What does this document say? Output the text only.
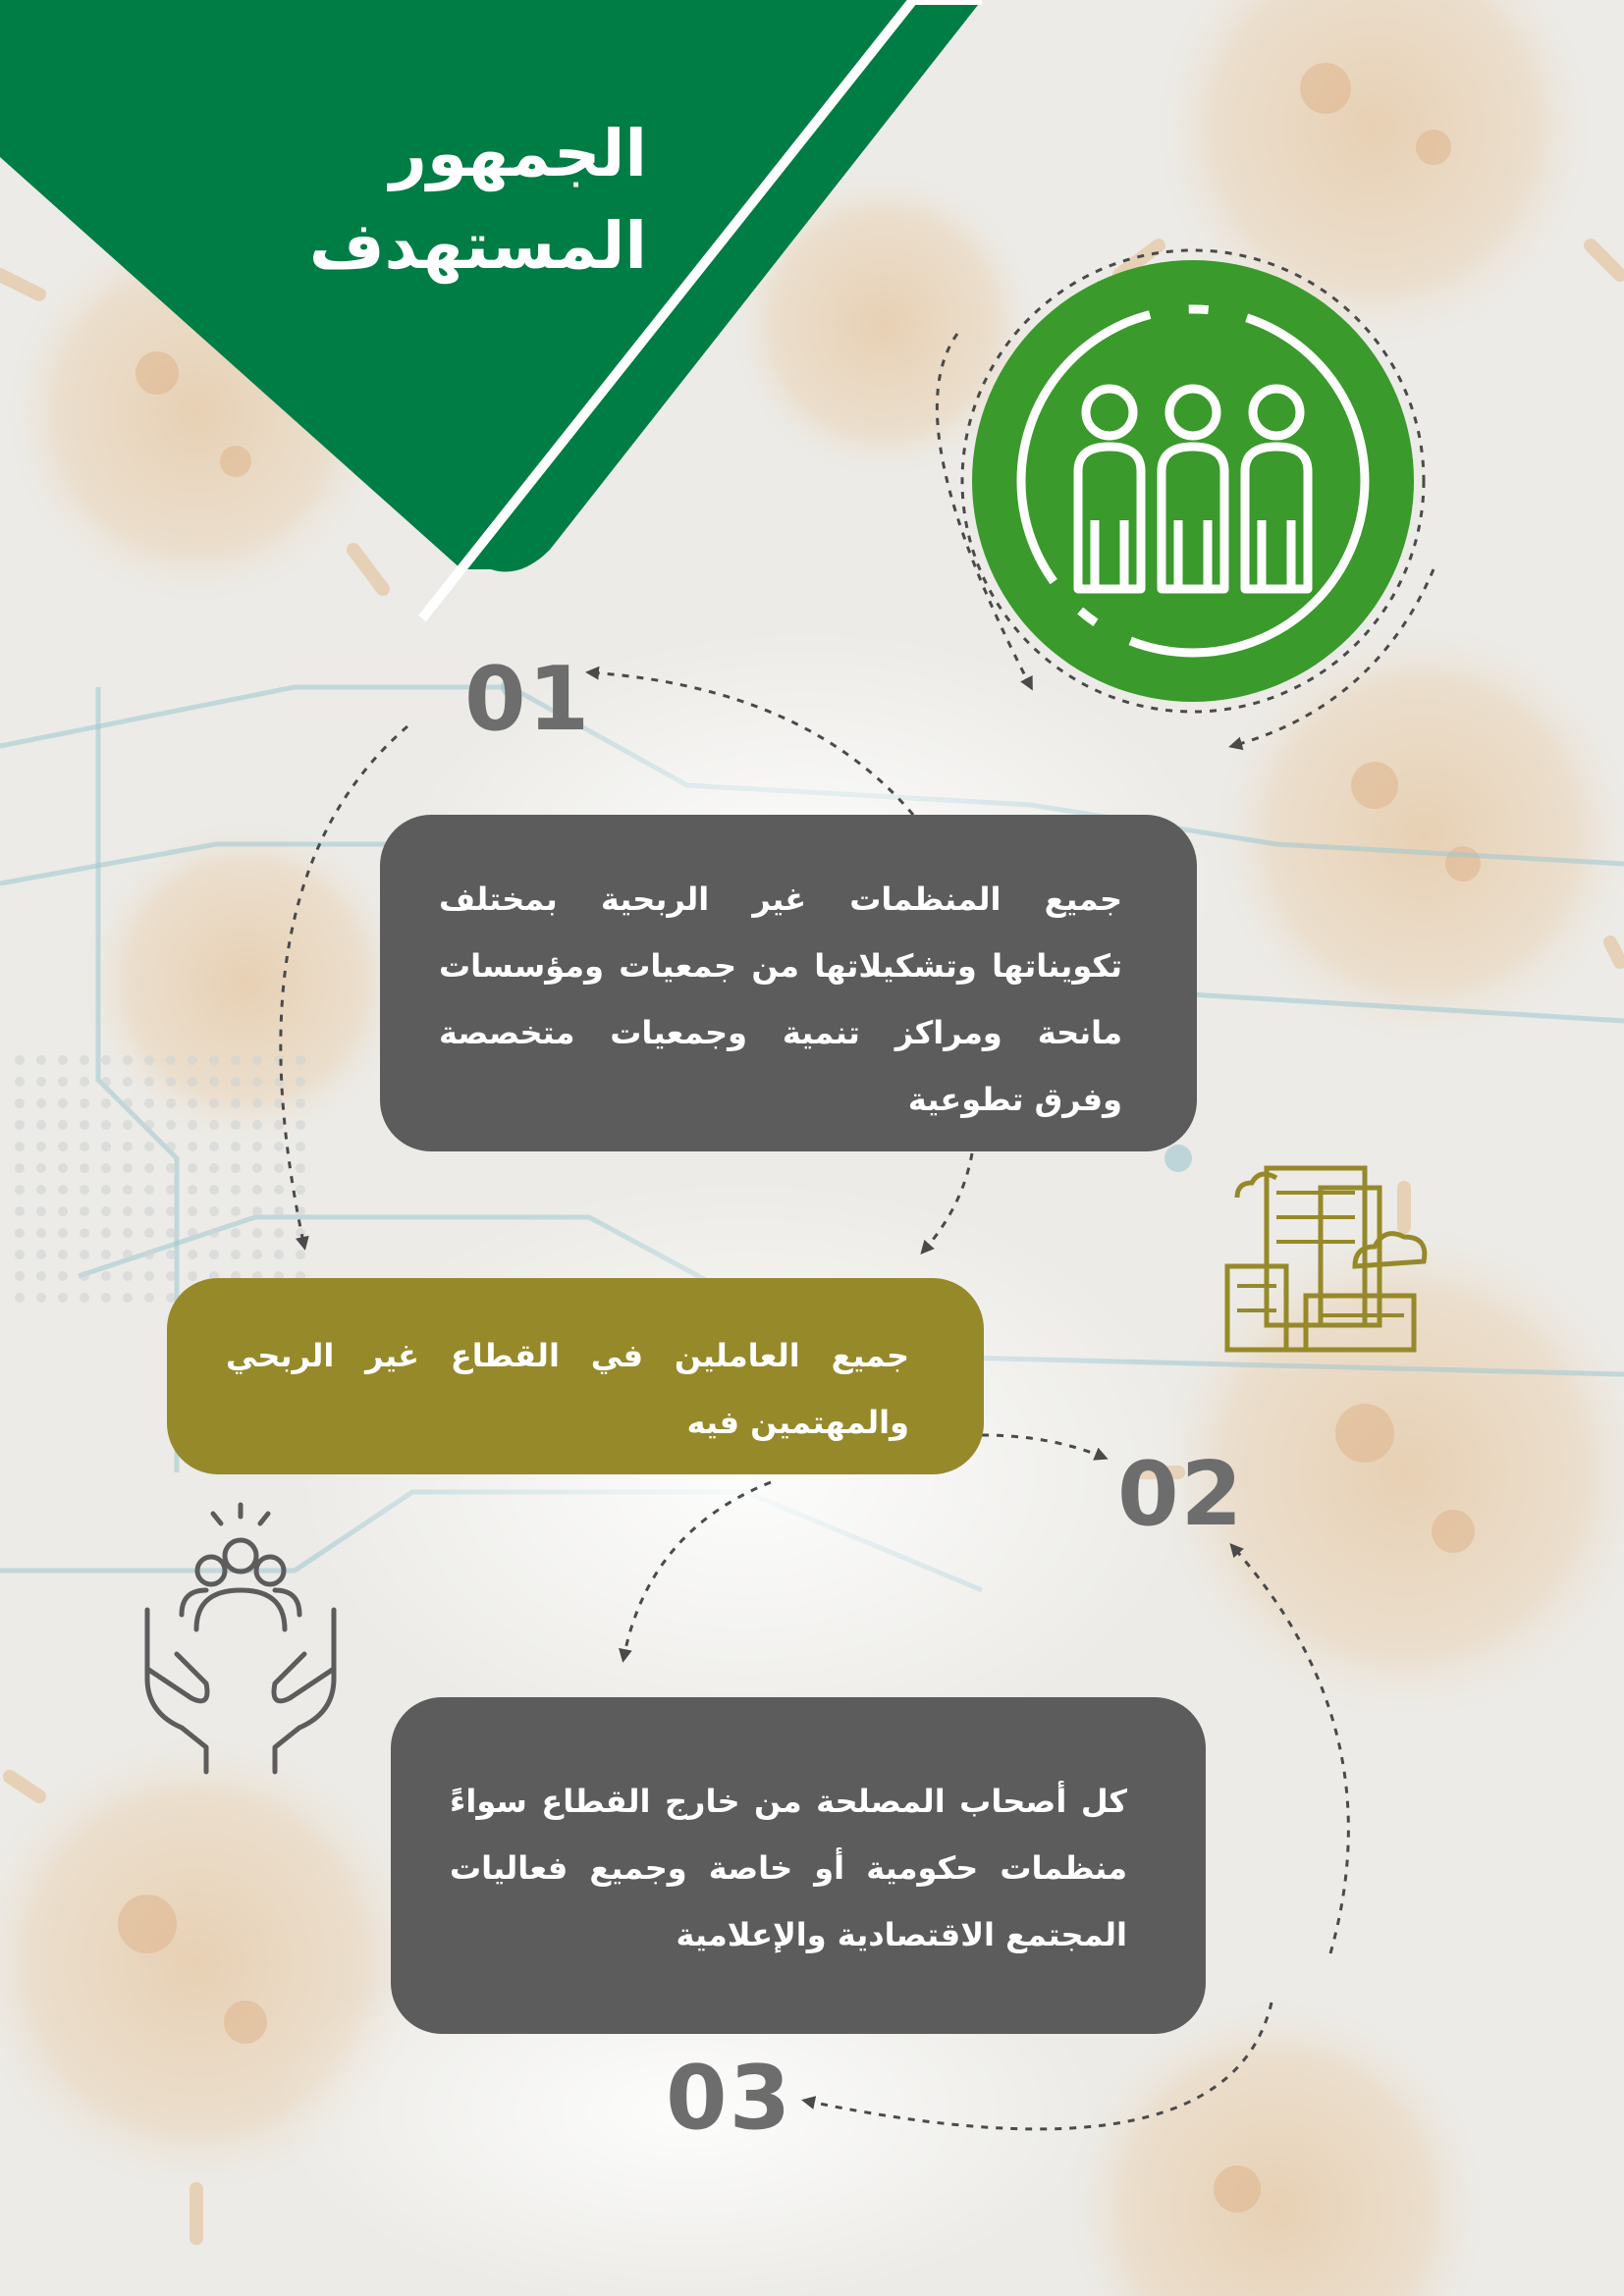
الجمهور
المستهدف
01
02
03

جميع المنظمات غير الربحية بمختلف تكويناتها وتشكيلاتها من جمعيات ومؤسسات مانحة ومراكز تنمية وجمعيات متخصصة وفرق تطوعية

جميع العاملين في القطاع غير الربحي والمهتمين فيه

كل أصحاب المصلحة من خارج القطاع سواءً منظمات حكومية أو خاصة وجميع فعاليات المجتمع الاقتصادية والإعلامية
